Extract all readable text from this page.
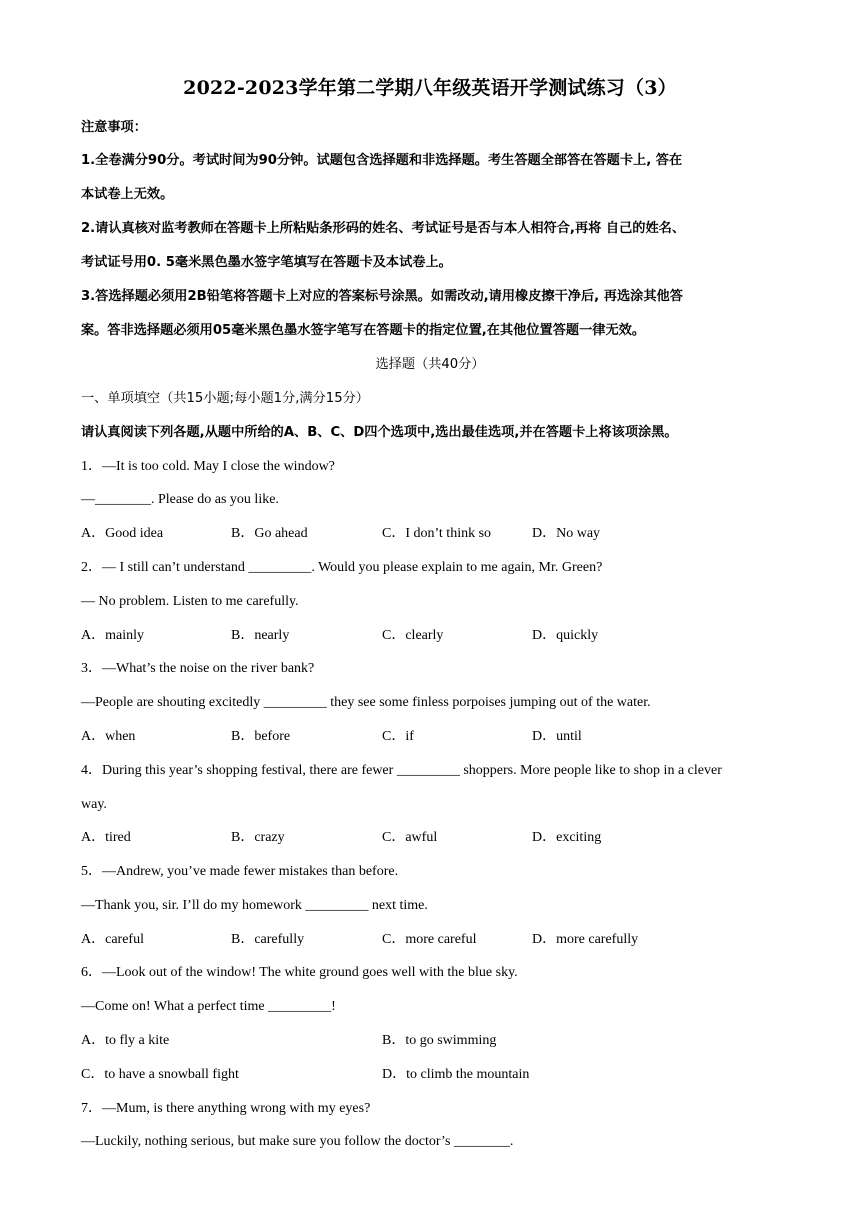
2022-2023学年第二学期八年级英语开学测试练习（3）
注意事项：
1.全卷满分90分。考试时间为90分钟。试题包含选择题和非选择题。考生答题全部答在答题卡上, 答在
本试卷上无效。
2.请认真核对监考教师在答题卡上所粘贴条形码的姓名、考试证号是否与本人相符合,再将 自己的姓名、
考试证号用0. 5毫米黑色墨水签字笔填写在答题卡及本试卷上。
3.答选择题必须用2B铅笔将答题卡上对应的答案标号涂黑。如需改动,请用橡皮擦干净后, 再选涂其他答
案。答非选择题必须用05毫米黑色墨水签字笔写在答题卡的指定位置,在其他位置答题一律无效。
选择题（共40分）
一、单项填空（共15小题;每小题1分,满分15分）
请认真阅读下列各题,从题中所给的A、B、C、D四个选项中,选出最佳选项,并在答题卡上将该项涂黑。
1．—It is too cold. May I close the window?
—________. Please do as you like.
A．Good idea	B．Go ahead	C．I don’t think so	D．No way
2．— I still can’t understand _________. Would you please explain to me again, Mr. Green?
— No problem. Listen to me carefully.
A．mainly	B．nearly	C．clearly	D．quickly
3．—What’s the noise on the river bank?
—People are shouting excitedly _________ they see some finless porpoises jumping out of the water.
A．when	B．before	C．if	D．until
4．During this year’s shopping festival, there are fewer _________ shoppers. More people like to shop in a clever
way.
A．tired	B．crazy	C．awful	D．exciting
5．—Andrew, you’ve made fewer mistakes than before.
—Thank you, sir. I’ll do my homework _________ next time.
A．careful	B．carefully	C．more careful	D．more carefully
6．—Look out of the window! The white ground goes well with the blue sky.
—Come on! What a perfect time _________!
A．to fly a kite	B．to go swimming
C．to have a snowball fight	D．to climb the mountain
7．—Mum, is there anything wrong with my eyes?
—Luckily, nothing serious, but make sure you follow the doctor’s ________.
